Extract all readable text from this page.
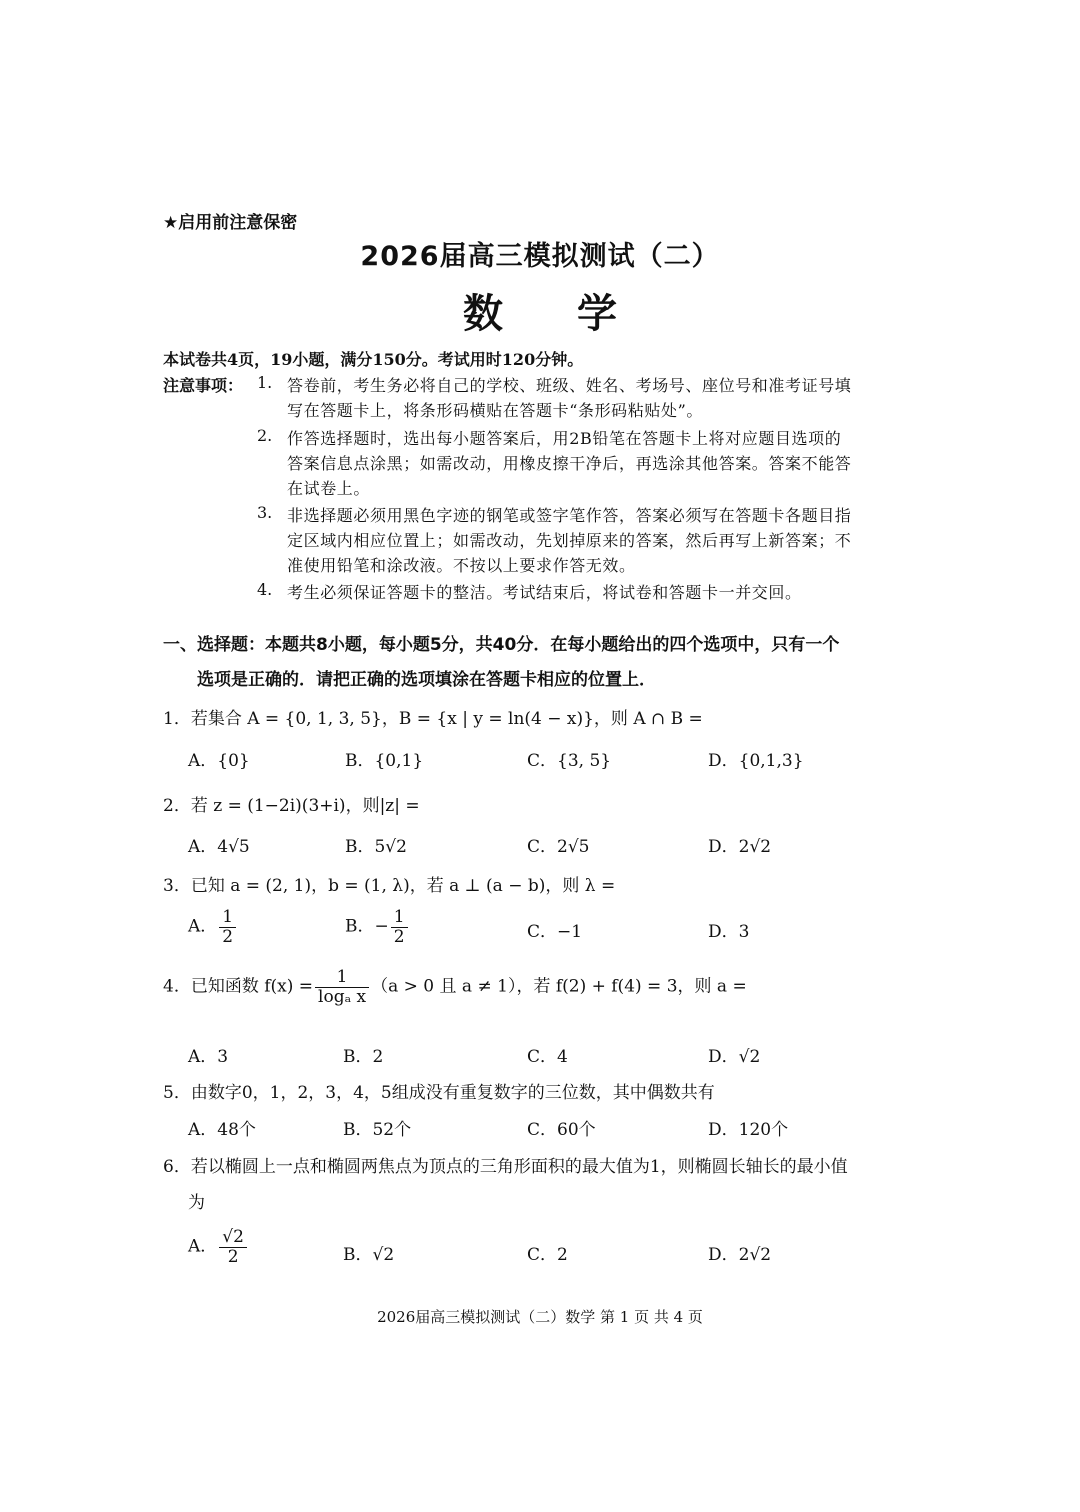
★启用前注意保密
2026届高三模拟测试（二）
数 学
本试卷共4页，19小题，满分150分。考试用时120分钟。
注意事项： 1. 答卷前，考生务必将自己的学校、班级、姓名、考场号、座位号和准考证号填
写在答题卡上，将条形码横贴在答题卡“条形码粘贴处”。
2. 作答选择题时，选出每小题答案后，用2B铅笔在答题卡上将对应题目选项的
答案信息点涂黑；如需改动，用橡皮擦干净后，再选涂其他答案。答案不能答
在试卷上。
3. 非选择题必须用黑色字迹的钢笔或签字笔作答，答案必须写在答题卡各题目指
定区域内相应位置上；如需改动，先划掉原来的答案，然后再写上新答案；不
准使用铅笔和涂改液。不按以上要求作答无效。
4. 考生必须保证答题卡的整洁。考试结束后，将试卷和答题卡一并交回。
一、选择题：本题共8小题，每小题5分，共40分．在每小题给出的四个选项中，只有一个
选项是正确的．请把正确的选项填涂在答题卡相应的位置上．
1．若集合 A = {0, 1, 3, 5}，B = {x | y = ln(4 − x)}，则 A ∩ B =
A．{0}	B．{0,1}	C．{3, 5}	D．{0,1,3}
2．若 z = (1−2i)(3+i)，则|z| =
A．4√5	B．5√2	C．2√5	D．2√2
3．已知 a = (2, 1)，b = (1, λ)，若 a ⊥ (a − b)，则 λ =
A． $\frac{1}{2}$	B．− $\frac{1}{2}$	C．−1	D．3
4．已知函数 $f(x) = \frac{1}{\text{logₐ x}} (a > 0$ 且 a ≠ 1），若 f(2) + f(4) = 3，则 a =
A．3	B．2	C．4	D．√2
5．由数字0，1，2，3，4，5组成没有重复数字的三位数，其中偶数共有
A．48个	B．52个	C．60个	D．120个
6．若以椭圆上一点和椭圆两焦点为顶点的三角形面积的最大值为1，则椭圆长轴长的最小值
为
A． $\frac{√2}{2}$	B．√2	C．2	D．2√2
2026届高三模拟测试（二）数学 第 1 页 共 4 页
